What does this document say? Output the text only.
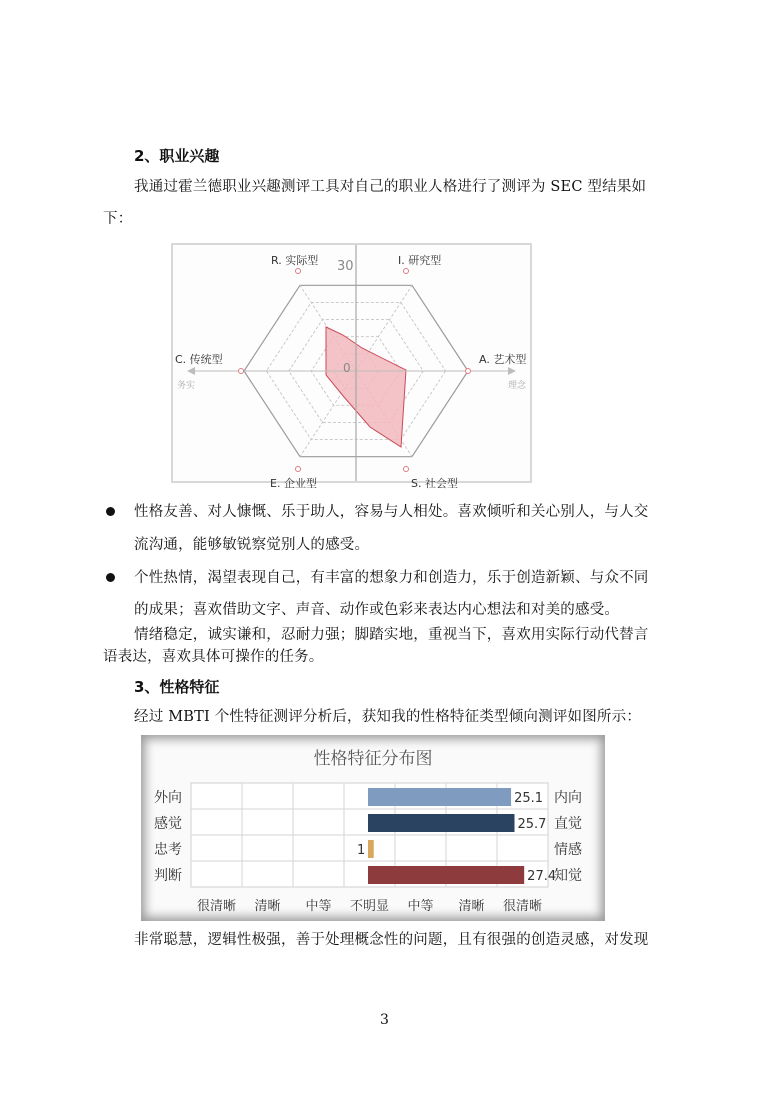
2、职业兴趣
我通过霍兰德职业兴趣测评工具对自己的职业人格进行了测评为 SEC 型结果如
下：
R. 实际型	I. 研究型
A. 艺术型
S. 社会型
E. 企业型
C. 传统型
30
0
务实	理念
性格友善、对人慷慨、乐于助人，容易与人相处。喜欢倾听和关心别人，与人交
流沟通，能够敏锐察觉别人的感受。
个性热情，渴望表现自己，有丰富的想象力和创造力，乐于创造新颖、与众不同
的成果；喜欢借助文字、声音、动作或色彩来表达内心想法和对美的感受。
情绪稳定，诚实谦和，忍耐力强；脚踏实地，重视当下，喜欢用实际行动代替言
语表达，喜欢具体可操作的任务。
3、性格特征
经过 MBTI 个性特征测评分析后，获知我的性格特征类型倾向测评如图所示：
性格特征分布图
外向	内向
25.1
感觉	直觉
25.7
忠考	情感
1
判断	知觉
27.4
很清晰 清晰 中等 不明显 中等 清晰 很清晰
非常聪慧，逻辑性极强，善于处理概念性的问题，且有很强的创造灵感，对发现
3
